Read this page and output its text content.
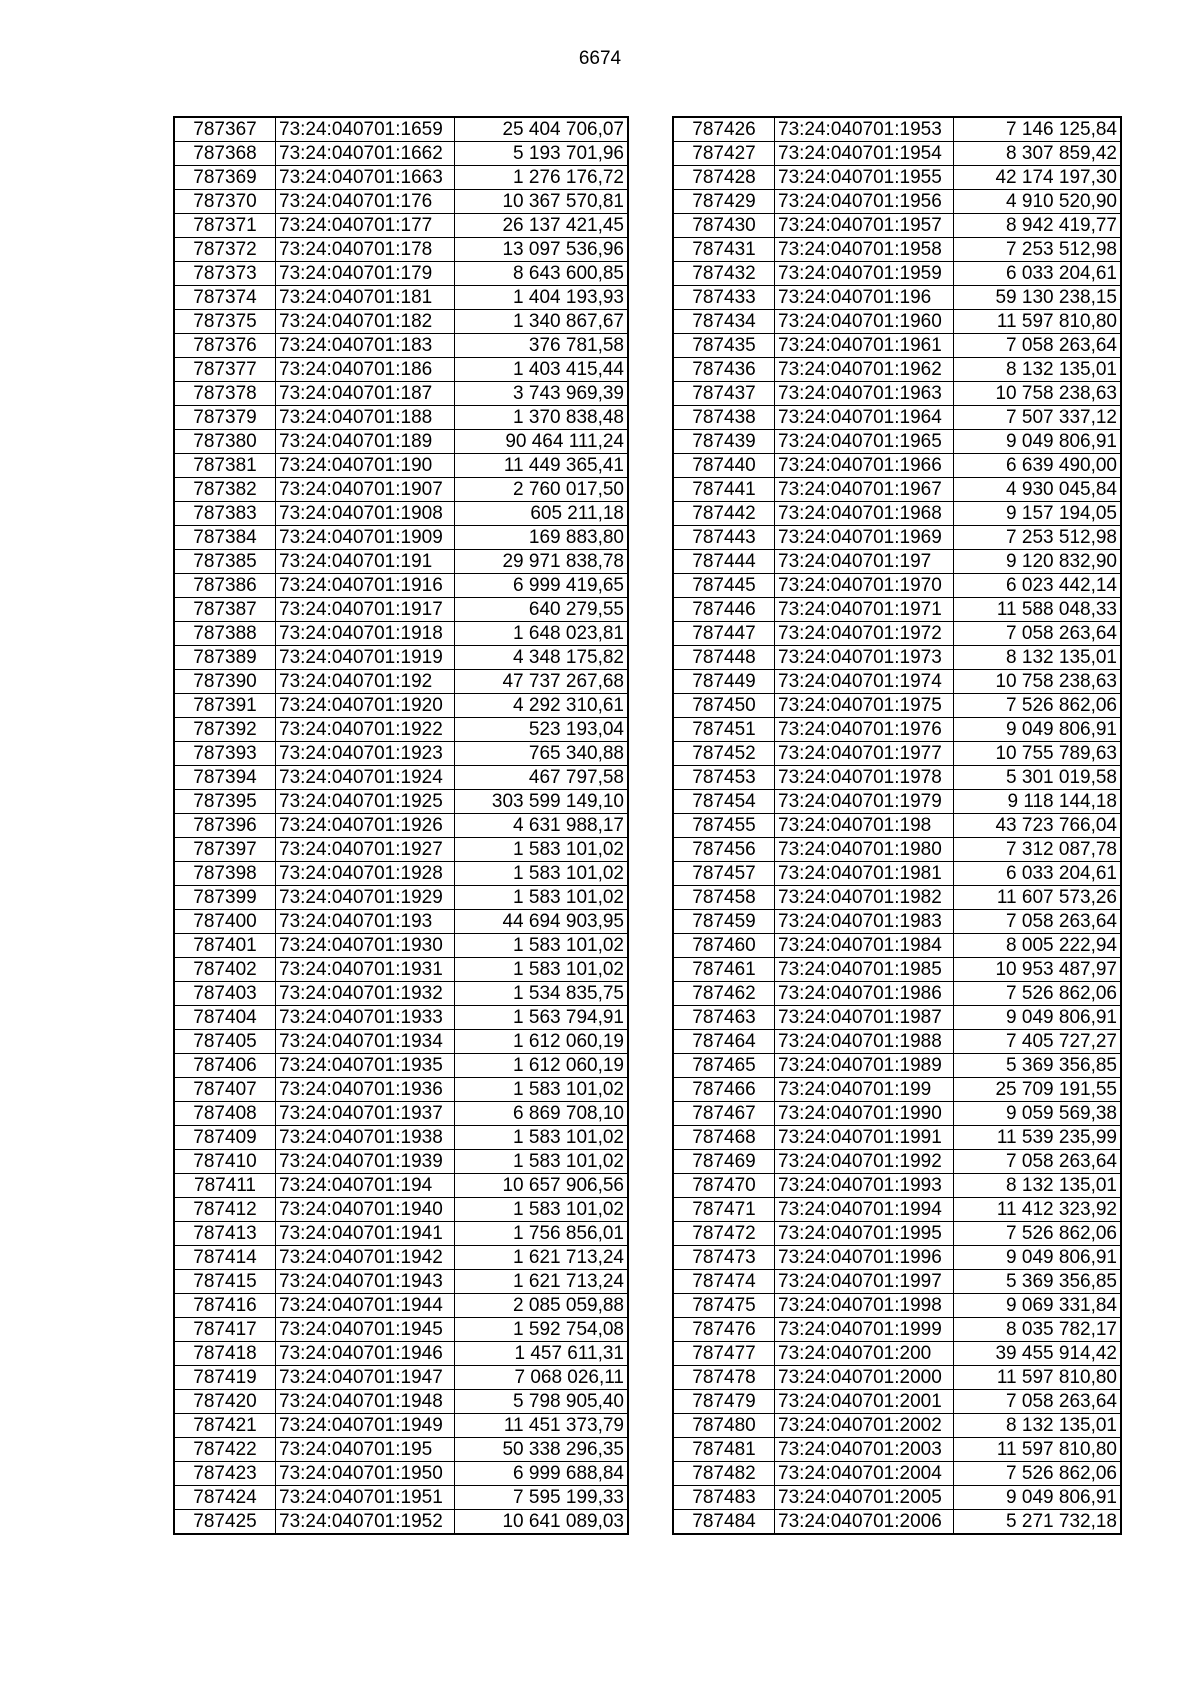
6674
787367	73:24:040701:1659	25 404 706,07
787368	73:24:040701:1662	5 193 701,96
787369	73:24:040701:1663	1 276 176,72
787370	73:24:040701:176	10 367 570,81
787371	73:24:040701:177	26 137 421,45
787372	73:24:040701:178	13 097 536,96
787373	73:24:040701:179	8 643 600,85
787374	73:24:040701:181	1 404 193,93
787375	73:24:040701:182	1 340 867,67
787376	73:24:040701:183	376 781,58
787377	73:24:040701:186	1 403 415,44
787378	73:24:040701:187	3 743 969,39
787379	73:24:040701:188	1 370 838,48
787380	73:24:040701:189	90 464 111,24
787381	73:24:040701:190	11 449 365,41
787382	73:24:040701:1907	2 760 017,50
787383	73:24:040701:1908	605 211,18
787384	73:24:040701:1909	169 883,80
787385	73:24:040701:191	29 971 838,78
787386	73:24:040701:1916	6 999 419,65
787387	73:24:040701:1917	640 279,55
787388	73:24:040701:1918	1 648 023,81
787389	73:24:040701:1919	4 348 175,82
787390	73:24:040701:192	47 737 267,68
787391	73:24:040701:1920	4 292 310,61
787392	73:24:040701:1922	523 193,04
787393	73:24:040701:1923	765 340,88
787394	73:24:040701:1924	467 797,58
787395	73:24:040701:1925	303 599 149,10
787396	73:24:040701:1926	4 631 988,17
787397	73:24:040701:1927	1 583 101,02
787398	73:24:040701:1928	1 583 101,02
787399	73:24:040701:1929	1 583 101,02
787400	73:24:040701:193	44 694 903,95
787401	73:24:040701:1930	1 583 101,02
787402	73:24:040701:1931	1 583 101,02
787403	73:24:040701:1932	1 534 835,75
787404	73:24:040701:1933	1 563 794,91
787405	73:24:040701:1934	1 612 060,19
787406	73:24:040701:1935	1 612 060,19
787407	73:24:040701:1936	1 583 101,02
787408	73:24:040701:1937	6 869 708,10
787409	73:24:040701:1938	1 583 101,02
787410	73:24:040701:1939	1 583 101,02
787411	73:24:040701:194	10 657 906,56
787412	73:24:040701:1940	1 583 101,02
787413	73:24:040701:1941	1 756 856,01
787414	73:24:040701:1942	1 621 713,24
787415	73:24:040701:1943	1 621 713,24
787416	73:24:040701:1944	2 085 059,88
787417	73:24:040701:1945	1 592 754,08
787418	73:24:040701:1946	1 457 611,31
787419	73:24:040701:1947	7 068 026,11
787420	73:24:040701:1948	5 798 905,40
787421	73:24:040701:1949	11 451 373,79
787422	73:24:040701:195	50 338 296,35
787423	73:24:040701:1950	6 999 688,84
787424	73:24:040701:1951	7 595 199,33
787425	73:24:040701:1952	10 641 089,03
787426	73:24:040701:1953	7 146 125,84
787427	73:24:040701:1954	8 307 859,42
787428	73:24:040701:1955	42 174 197,30
787429	73:24:040701:1956	4 910 520,90
787430	73:24:040701:1957	8 942 419,77
787431	73:24:040701:1958	7 253 512,98
787432	73:24:040701:1959	6 033 204,61
787433	73:24:040701:196	59 130 238,15
787434	73:24:040701:1960	11 597 810,80
787435	73:24:040701:1961	7 058 263,64
787436	73:24:040701:1962	8 132 135,01
787437	73:24:040701:1963	10 758 238,63
787438	73:24:040701:1964	7 507 337,12
787439	73:24:040701:1965	9 049 806,91
787440	73:24:040701:1966	6 639 490,00
787441	73:24:040701:1967	4 930 045,84
787442	73:24:040701:1968	9 157 194,05
787443	73:24:040701:1969	7 253 512,98
787444	73:24:040701:197	9 120 832,90
787445	73:24:040701:1970	6 023 442,14
787446	73:24:040701:1971	11 588 048,33
787447	73:24:040701:1972	7 058 263,64
787448	73:24:040701:1973	8 132 135,01
787449	73:24:040701:1974	10 758 238,63
787450	73:24:040701:1975	7 526 862,06
787451	73:24:040701:1976	9 049 806,91
787452	73:24:040701:1977	10 755 789,63
787453	73:24:040701:1978	5 301 019,58
787454	73:24:040701:1979	9 118 144,18
787455	73:24:040701:198	43 723 766,04
787456	73:24:040701:1980	7 312 087,78
787457	73:24:040701:1981	6 033 204,61
787458	73:24:040701:1982	11 607 573,26
787459	73:24:040701:1983	7 058 263,64
787460	73:24:040701:1984	8 005 222,94
787461	73:24:040701:1985	10 953 487,97
787462	73:24:040701:1986	7 526 862,06
787463	73:24:040701:1987	9 049 806,91
787464	73:24:040701:1988	7 405 727,27
787465	73:24:040701:1989	5 369 356,85
787466	73:24:040701:199	25 709 191,55
787467	73:24:040701:1990	9 059 569,38
787468	73:24:040701:1991	11 539 235,99
787469	73:24:040701:1992	7 058 263,64
787470	73:24:040701:1993	8 132 135,01
787471	73:24:040701:1994	11 412 323,92
787472	73:24:040701:1995	7 526 862,06
787473	73:24:040701:1996	9 049 806,91
787474	73:24:040701:1997	5 369 356,85
787475	73:24:040701:1998	9 069 331,84
787476	73:24:040701:1999	8 035 782,17
787477	73:24:040701:200	39 455 914,42
787478	73:24:040701:2000	11 597 810,80
787479	73:24:040701:2001	7 058 263,64
787480	73:24:040701:2002	8 132 135,01
787481	73:24:040701:2003	11 597 810,80
787482	73:24:040701:2004	7 526 862,06
787483	73:24:040701:2005	9 049 806,91
787484	73:24:040701:2006	5 271 732,18
